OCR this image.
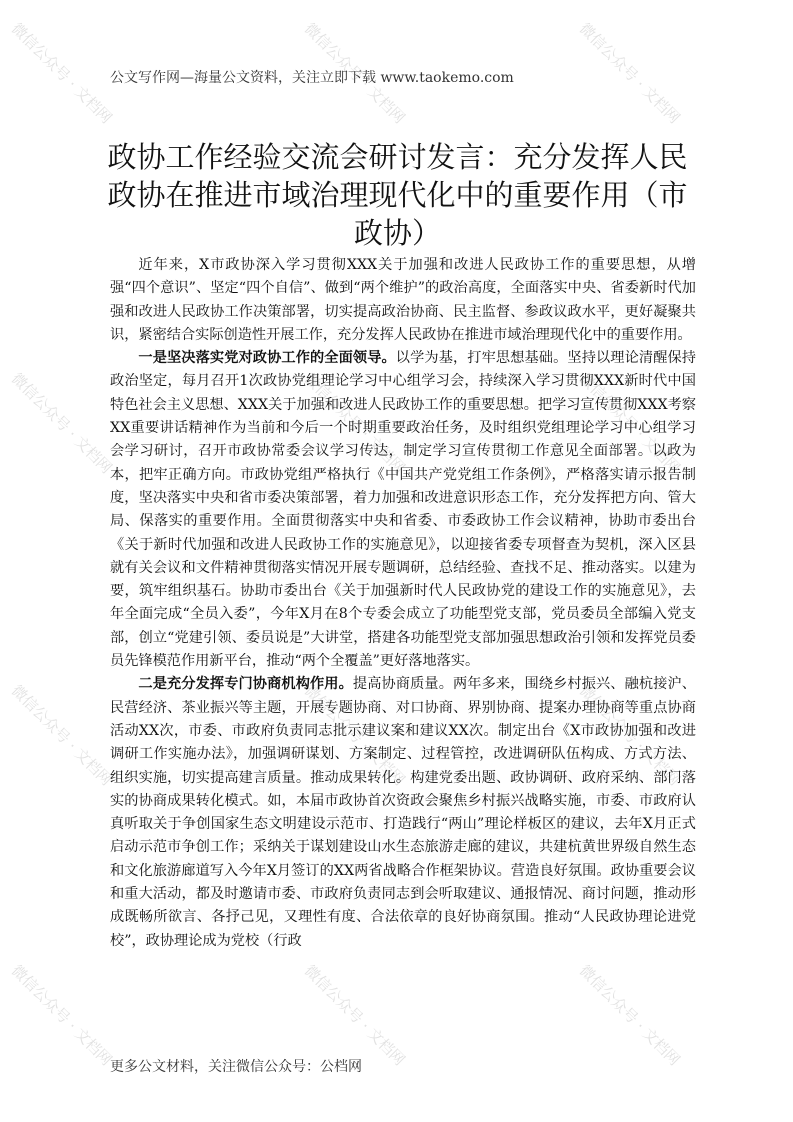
微信公众号 · 文档网	微信公众号 · 文档网	微信公众号 · 文档网
微信公众号 · 文档网	微信公众号 · 文档网	微信公众号 · 文档网
微信公众号 · 文档网	微信公众号 · 文档网	微信公众号 · 文档网
微信公众号 · 文档网	微信公众号 · 文档网	微信公众号 · 文档网
公文写作网—海量公文资料，关注立即下载 www.taokemo.com
政协工作经验交流会研讨发言：充分发挥人民政协在推进市域治理现代化中的重要作用（市政协）

近年来，X市政协深入学习贯彻XXX关于加强和改进人民政协工作的重要思想，从增强“四个意识”、坚定“四个自信”、做到“两个维护”的政治高度，全面落实中央、省委新时代加强和改进人民政协工作决策部署，切实提高政治协商、民主监督、参政议政水平，更好凝聚共识，紧密结合实际创造性开展工作，充分发挥人民政协在推进市域治理现代化中的重要作用。

一是坚决落实党对政协工作的全面领导。以学为基，打牢思想基础。坚持以理论清醒保持政治坚定，每月召开1次政协党组理论学习中心组学习会，持续深入学习贯彻XXX新时代中国特色社会主义思想、XXX关于加强和改进人民政协工作的重要思想。把学习宣传贯彻XXX考察XX重要讲话精神作为当前和今后一个时期重要政治任务，及时组织党组理论学习中心组学习会学习研讨，召开市政协常委会议学习传达，制定学习宣传贯彻工作意见全面部署。以政为本，把牢正确方向。市政协党组严格执行《中国共产党党组工作条例》，严格落实请示报告制度，坚决落实中央和省市委决策部署，着力加强和改进意识形态工作，充分发挥把方向、管大局、保落实的重要作用。全面贯彻落实中央和省委、市委政协工作会议精神，协助市委出台《关于新时代加强和改进人民政协工作的实施意见》，以迎接省委专项督查为契机，深入区县就有关会议和文件精神贯彻落实情况开展专题调研，总结经验、查找不足、推动落实。以建为要，筑牢组织基石。协助市委出台《关于加强新时代人民政协党的建设工作的实施意见》，去年全面完成“全员入委”，今年X月在8个专委会成立了功能型党支部，党员委员全部编入党支部，创立“党建引领、委员说是”大讲堂，搭建各功能型党支部加强思想政治引领和发挥党员委员先锋模范作用新平台，推动“两个全覆盖”更好落地落实。

二是充分发挥专门协商机构作用。提高协商质量。两年多来，围绕乡村振兴、融杭接沪、民营经济、茶业振兴等主题，开展专题协商、对口协商、界别协商、提案办理协商等重点协商活动XX次，市委、市政府负责同志批示建议案和建议XX次。制定出台《X市政协加强和改进调研工作实施办法》，加强调研谋划、方案制定、过程管控，改进调研队伍构成、方式方法、组织实施，切实提高建言质量。推动成果转化。构建党委出题、政协调研、政府采纳、部门落实的协商成果转化模式。如，本届市政协首次资政会聚焦乡村振兴战略实施，市委、市政府认真听取关于争创国家生态文明建设示范市、打造践行“两山”理论样板区的建议，去年X月正式启动示范市争创工作；采纳关于谋划建设山水生态旅游走廊的建议，共建杭黄世界级自然生态和文化旅游廊道写入今年X月签订的XX两省战略合作框架协议。营造良好氛围。政协重要会议和重大活动，都及时邀请市委、市政府负责同志到会听取建议、通报情况、商讨问题，推动形成既畅所欲言、各抒己见，又理性有度、合法依章的良好协商氛围。推动“人民政协理论进党校”，政协理论成为党校（行政

更多公文材料，关注微信公众号：公档网
